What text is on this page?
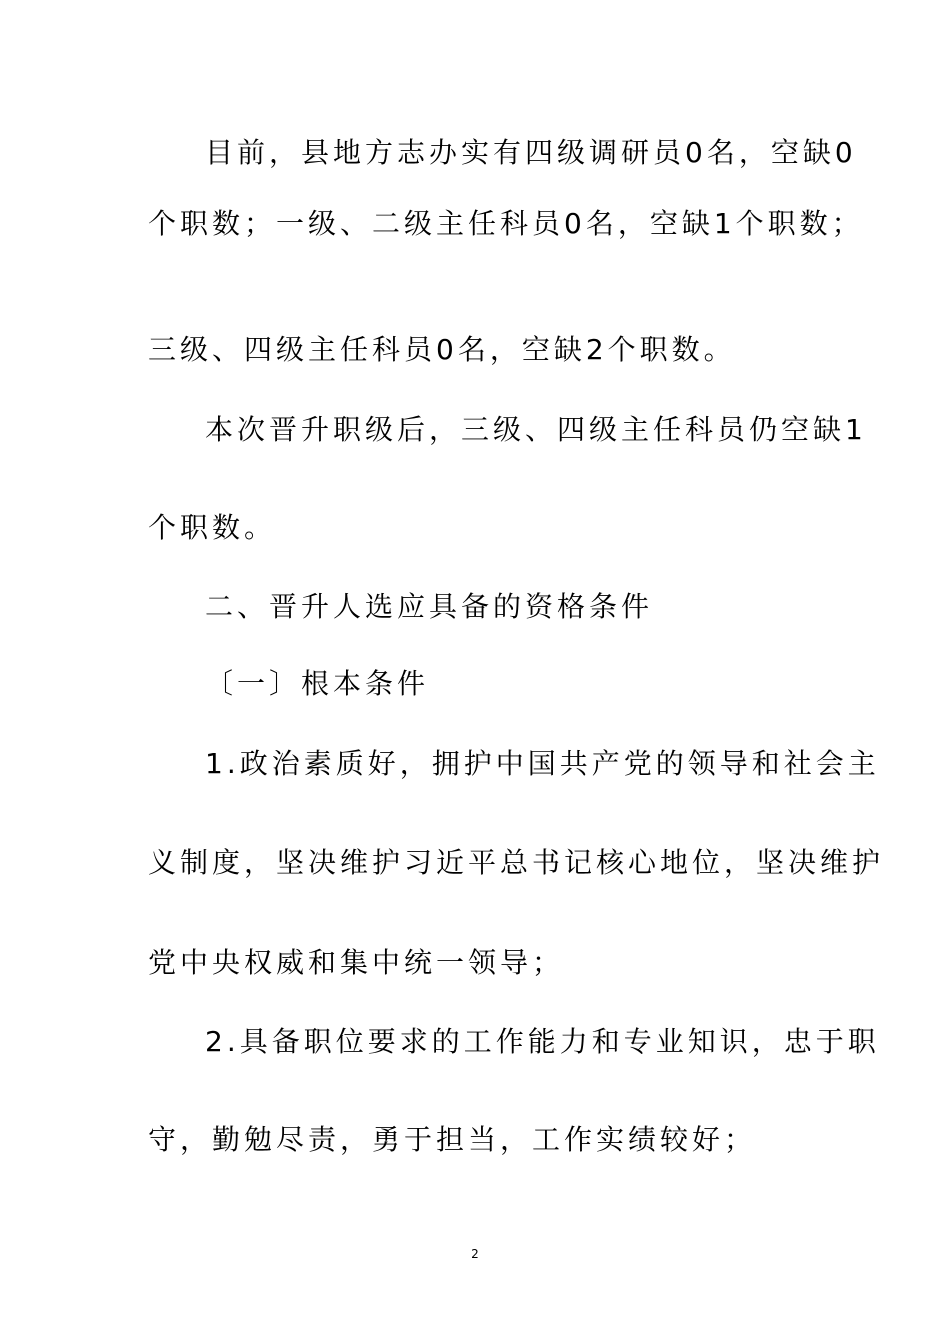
目前，县地方志办实有四级调研员0名，空缺0
个职数；一级、二级主任科员0名，空缺1个职数；
三级、四级主任科员0名，空缺2个职数。
本次晋升职级后，三级、四级主任科员仍空缺1
个职数。
二、晋升人选应具备的资格条件
〔一〕根本条件
1.政治素质好，拥护中国共产党的领导和社会主
义制度，坚决维护习近平总书记核心地位，坚决维护
党中央权威和集中统一领导；
2.具备职位要求的工作能力和专业知识，忠于职
守，勤勉尽责，勇于担当，工作实绩较好；
2
